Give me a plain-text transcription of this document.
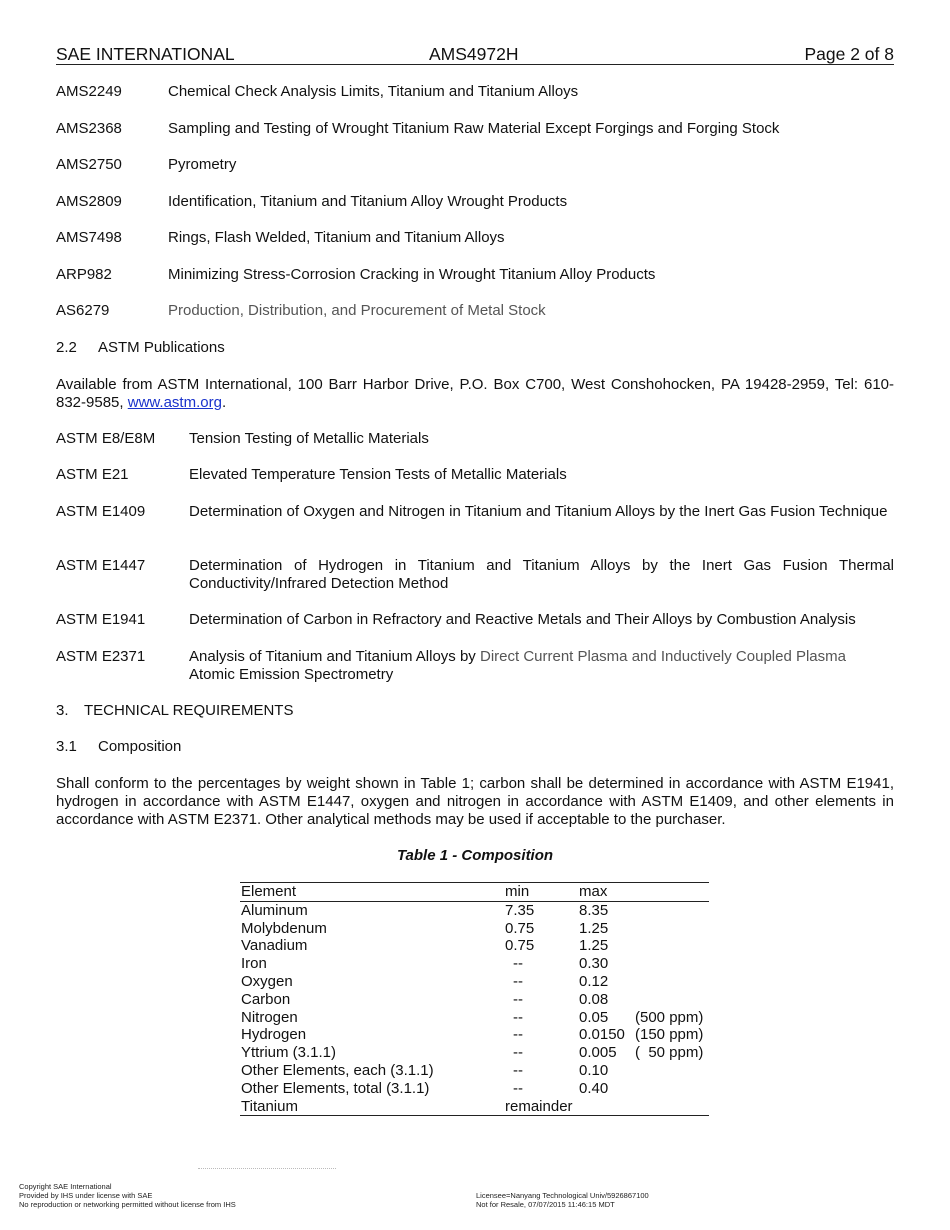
SAE INTERNATIONAL	AMS4972H	Page 2 of 8
AMS2249	Chemical Check Analysis Limits, Titanium and Titanium Alloys
AMS2368	Sampling and Testing of Wrought Titanium Raw Material Except Forgings and Forging Stock
AMS2750	Pyrometry
AMS2809	Identification, Titanium and Titanium Alloy Wrought Products
AMS7498	Rings, Flash Welded, Titanium and Titanium Alloys
ARP982	Minimizing Stress-Corrosion Cracking in Wrought Titanium Alloy Products
AS6279	Production, Distribution, and Procurement of Metal Stock
2.2 ASTM Publications
Available from ASTM International, 100 Barr Harbor Drive, P.O. Box C700, West Conshohocken, PA 19428-2959, Tel: 610-832-9585, www.astm.org.
ASTM E8/E8M Tension Testing of Metallic Materials
ASTM E21	Elevated Temperature Tension Tests of Metallic Materials
ASTM E1409	Determination of Oxygen and Nitrogen in Titanium and Titanium Alloys by the Inert Gas Fusion Technique
ASTM E1447	Determination of Hydrogen in Titanium and Titanium Alloys by the Inert Gas Fusion Thermal Conductivity/Infrared Detection Method
ASTM E1941	Determination of Carbon in Refractory and Reactive Metals and Their Alloys by Combustion Analysis
ASTM E2371	Analysis of Titanium and Titanium Alloys by Direct Current Plasma and Inductively Coupled Plasma
Atomic Emission Spectrometry
3. TECHNICAL REQUIREMENTS
3.1 Composition
Shall conform to the percentages by weight shown in Table 1; carbon shall be determined in accordance with ASTM E1941, hydrogen in accordance with ASTM E1447, oxygen and nitrogen in accordance with ASTM E1409, and other elements in accordance with ASTM E2371. Other analytical methods may be used if acceptable to the purchaser.
Table 1 - Composition
Element	min	max	
Aluminum	7.35	8.35	
Molybdenum	0.75	1.25	
Vanadium	0.75	1.25	
Iron	--	0.30	
Oxygen	--	0.12	
Carbon	--	0.08	
Nitrogen	--	0.05	(500 ppm)
Hydrogen	--	0.0150	(150 ppm)
Yttrium (3.1.1)	--	0.005	(  50 ppm)
Other Elements, each (3.1.1)	--	0.10	
Other Elements, total (3.1.1)	--	0.40	
Titanium	remainder		
Copyright SAE International
Provided by IHS under license with SAE
No reproduction or networking permitted without license from IHS
Licensee=Nanyang Technological Univ/5926867100
Not for Resale, 07/07/2015 11:46:15 MDT
